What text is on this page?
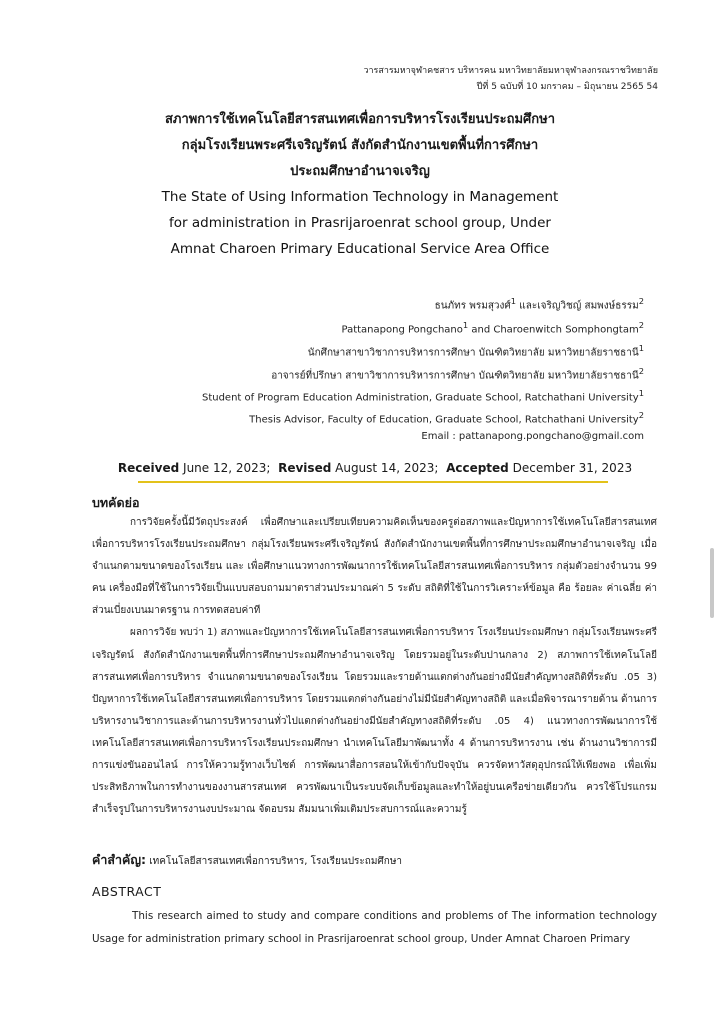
วารสารมหาจุฬาคชสาร บริหารคน มหาวิทยาลัยมหาจุฬาลงกรณราชวิทยาลัย
ปีที่ 5 ฉบับที่ 10 มกราคม – มิถุนายน 2565 54
สภาพการใช้เทคโนโลยีสารสนเทศเพื่อการบริหารโรงเรียนประถมศึกษา
กลุ่มโรงเรียนพระศรีเจริญรัตน์ สังกัดสำนักงานเขตพื้นที่การศึกษา
ประถมศึกษาอำนาจเจริญ
The State of Using Information Technology in Management
for administration in Prasrijaroenrat school group, Under
Amnat Charoen Primary Educational Service Area Office
ธนภัทร พรมสุวงศ์$^1$ และเจริญวิชญ์ สมพงษ์ธรรม$^2$
Pattanapong Pongchano$^1$ and Charoenwitch Somphongtam$^2$
นักศึกษาสาขาวิชาการบริหารการศึกษา บัณฑิตวิทยาลัย มหาวิทยาลัยราชธานี$^1$
อาจารย์ที่ปรึกษา สาขาวิชาการบริหารการศึกษา บัณฑิตวิทยาลัย มหาวิทยาลัยราชธานี$^2$
Student of Program Education Administration, Graduate School, Ratchathani University$^1$
Thesis Advisor, Faculty of Education, Graduate School, Ratchathani University$^2$
Email : pattanapong.pongchano@gmail.com
Received June 12, 2023; Revised August 14, 2023; Accepted December 31, 2023
บทคัดย่อ

การวิจัยครั้งนี้มีวัตถุประสงค์ เพื่อศึกษาและเปรียบเทียบความคิดเห็นของครูต่อสภาพและปัญหาการใช้เทคโนโลยีสารสนเทศเพื่อการบริหารโรงเรียนประถมศึกษา กลุ่มโรงเรียนพระศรีเจริญรัตน์ สังกัดสำนักงานเขตพื้นที่การศึกษาประถมศึกษาอำนาจเจริญ เมื่อจำแนกตามขนาดของโรงเรียน และ เพื่อศึกษาแนวทางการพัฒนาการใช้เทคโนโลยีสารสนเทศเพื่อการบริหาร กลุ่มตัวอย่างจำนวน 99 คน เครื่องมือที่ใช้ในการวิจัยเป็นแบบสอบถามมาตราส่วนประมาณค่า 5 ระดับ สถิติที่ใช้ในการวิเคราะห์ข้อมูล คือ ร้อยละ ค่าเฉลี่ย ค่าส่วนเบี่ยงเบนมาตรฐาน การทดสอบค่าที

ผลการวิจัย พบว่า 1) สภาพและปัญหาการใช้เทคโนโลยีสารสนเทศเพื่อการบริหาร โรงเรียนประถมศึกษา กลุ่มโรงเรียนพระศรีเจริญรัตน์ สังกัดสำนักงานเขตพื้นที่การศึกษาประถมศึกษาอำนาจเจริญ โดยรวมอยู่ในระดับปานกลาง 2) สภาพการใช้เทคโนโลยีสารสนเทศเพื่อการบริหาร จำแนกตามขนาดของโรงเรียน โดยรวมและรายด้านแตกต่างกันอย่างมีนัยสำคัญทางสถิติที่ระดับ .05 3) ปัญหาการใช้เทคโนโลยีสารสนเทศเพื่อการบริหาร โดยรวมแตกต่างกันอย่างไม่มีนัยสำคัญทางสถิติ และเมื่อพิจารณารายด้าน ด้านการบริหารงานวิชาการและด้านการบริหารงานทั่วไปแตกต่างกันอย่างมีนัยสำคัญทางสถิติที่ระดับ .05 4) แนวทางการพัฒนาการใช้เทคโนโลยีสารสนเทศเพื่อการบริหารโรงเรียนประถมศึกษา นำเทคโนโลยีมาพัฒนาทั้ง 4 ด้านการบริหารงาน เช่น ด้านงานวิชาการมีการแข่งขันออนไลน์ การให้ความรู้ทางเว็บไซต์ การพัฒนาสื่อการสอนให้เข้ากับปัจจุบัน ควรจัดหาวัสดุอุปกรณ์ให้เพียงพอ เพื่อเพิ่มประสิทธิภาพในการทำงานของงานสารสนเทศ ควรพัฒนาเป็นระบบจัดเก็บข้อมูลและทำให้อยู่บนเครือข่ายเดียวกัน ควรใช้โปรแกรมสำเร็จรูปในการบริหารงานงบประมาณ จัดอบรม สัมมนาเพิ่มเติมประสบการณ์และความรู้

คำสำคัญ: เทคโนโลยีสารสนเทศเพื่อการบริหาร, โรงเรียนประถมศึกษา
ABSTRACT

This research aimed to study and compare conditions and problems of The information technology Usage for administration primary school in Prasrijaroenrat school group, Under Amnat Charoen Primary
